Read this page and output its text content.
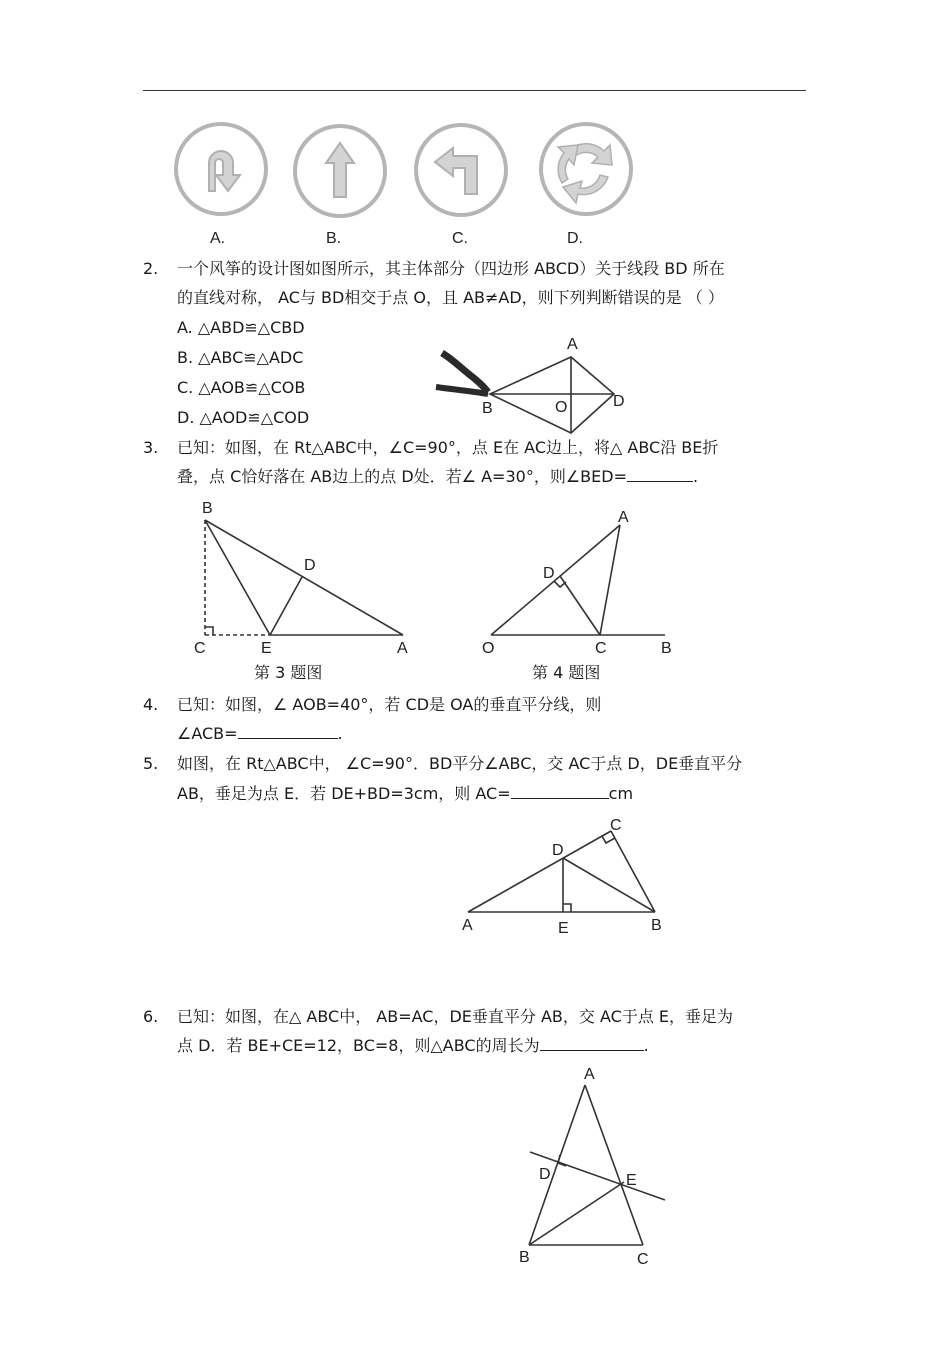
A.	B.	C.	D.
2. 一个风筝的设计图如图所示，其主体部分（四边形 ABCD）关于线段 BD 所在
的直线对称， AC与 BD相交于点 O，且 AB≠AD，则下列判断错误的是 （ ）
A. △ABD≌△CBD
B. △ABC≌△ADC
C. △AOB≌△COB
D. △AOD≌△COD
A
B	O	D
3. 已知：如图，在 Rt△ABC中，∠C=90°，点 E在 AC边上，将△ ABC沿 BE折
叠，点 C恰好落在 AB边上的点 D处．若∠ A=30°，则∠BED=	.
B
D
C	E	A
第 3 题图
A
D
O	C	B
第 4 题图
4. 已知：如图，∠ AOB=40°，若 CD是 OA的垂直平分线，则
∠ACB=	.
5. 如图，在 Rt△ABC中， ∠C=90°．BD平分∠ABC，交 AC于点 D，DE垂直平分
AB，垂足为点 E．若 DE+BD=3cm，则 AC=	cm
C
D
A	E	B
6. 已知：如图，在△ ABC中， AB=AC，DE垂直平分 AB，交 AC于点 E，垂足为
点 D．若 BE+CE=12，BC=8，则△ABC的周长为	.
A
D	E
B	C
